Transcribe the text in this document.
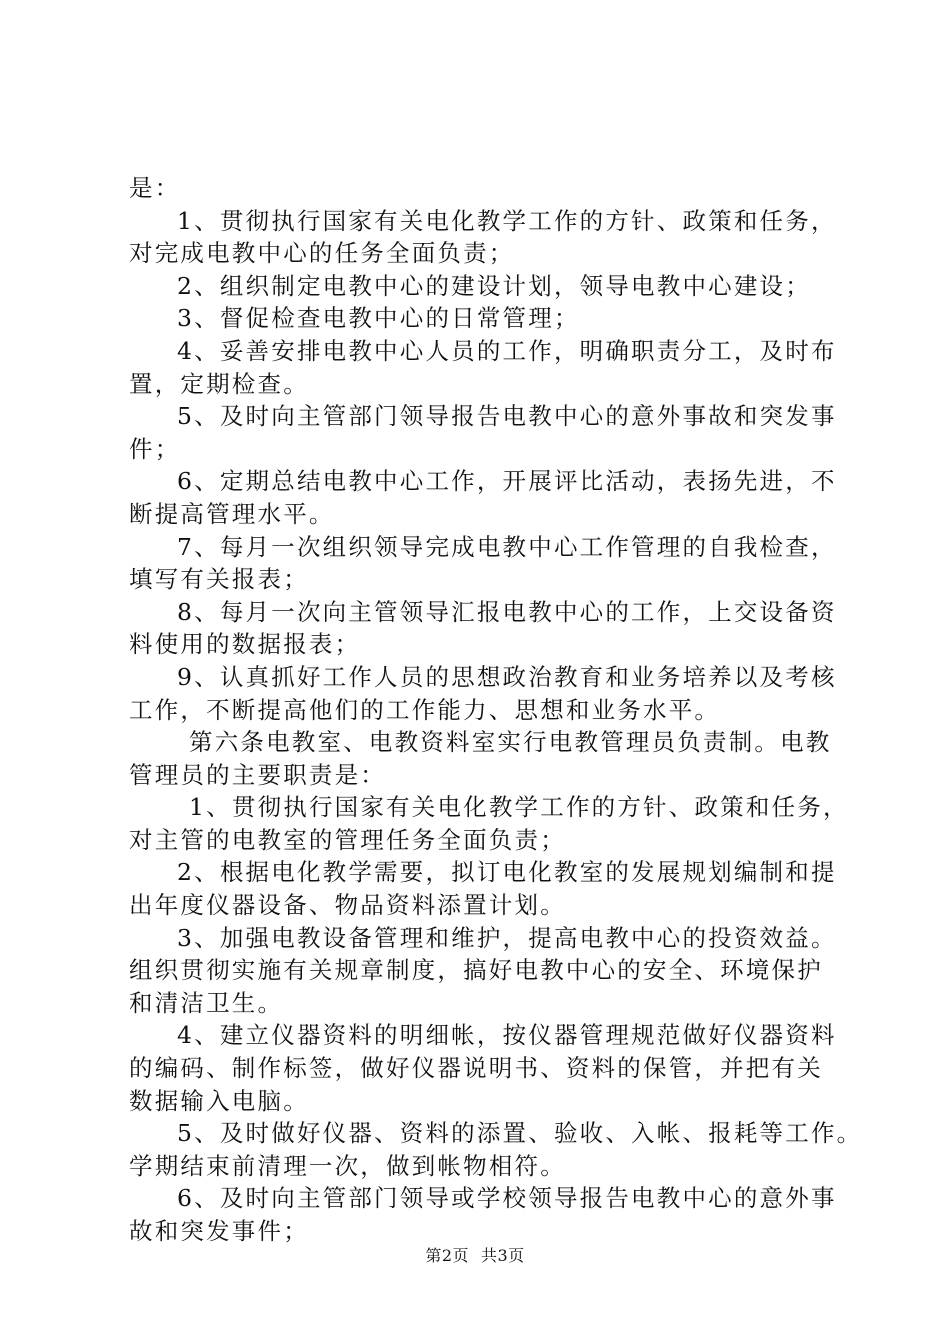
是：
1、贯彻执行国家有关电化教学工作的方针、政策和任务，
对完成电教中心的任务全面负责；
2、组织制定电教中心的建设计划，领导电教中心建设；
3、督促检查电教中心的日常管理；
4、妥善安排电教中心人员的工作，明确职责分工，及时布
置，定期检查。
5、及时向主管部门领导报告电教中心的意外事故和突发事
件；
6、定期总结电教中心工作，开展评比活动，表扬先进，不
断提高管理水平。
7、每月一次组织领导完成电教中心工作管理的自我检查，
填写有关报表；
8、每月一次向主管领导汇报电教中心的工作，上交设备资
料使用的数据报表；
9、认真抓好工作人员的思想政治教育和业务培养以及考核
工作，不断提高他们的工作能力、思想和业务水平。
第六条电教室、电教资料室实行电教管理员负责制。电教
管理员的主要职责是：
1、贯彻执行国家有关电化教学工作的方针、政策和任务，
对主管的电教室的管理任务全面负责；
2、根据电化教学需要，拟订电化教室的发展规划编制和提
出年度仪器设备、物品资料添置计划。
3、加强电教设备管理和维护，提高电教中心的投资效益。
组织贯彻实施有关规章制度，搞好电教中心的安全、环境保护
和清洁卫生。
4、建立仪器资料的明细帐，按仪器管理规范做好仪器资料
的编码、制作标签，做好仪器说明书、资料的保管，并把有关
数据输入电脑。
5、及时做好仪器、资料的添置、验收、入帐、报耗等工作。
学期结束前清理一次，做到帐物相符。
6、及时向主管部门领导或学校领导报告电教中心的意外事
故和突发事件；
第2页 共3页
